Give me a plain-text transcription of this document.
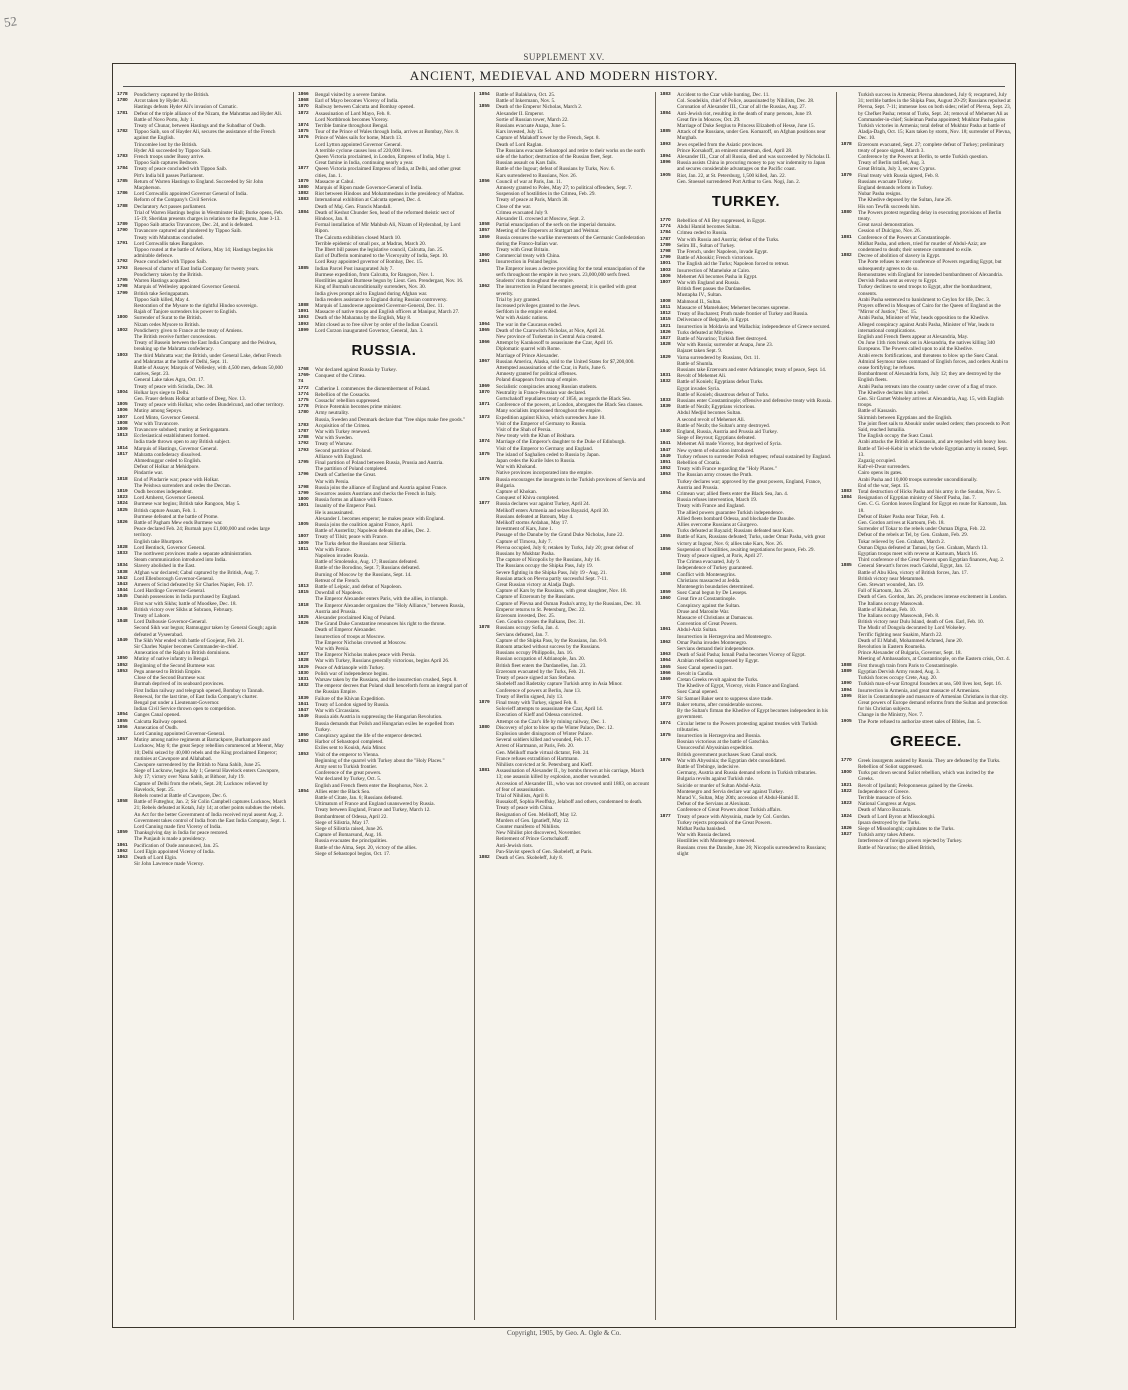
52
SUPPLEMENT XV.
ANCIENT, MEDIEVAL AND MODERN HISTORY.
1778	Pondicherry captured by the British.
1780	Arcot taken by Hyder Ali.
Hastings defeats Hyder Ali's invasion of Carnatic.
1781	Defeat of the triple alliance of the Nizam, the Mahrattas and Hyder Ali.
Battle of Novo Porto, July 1.
Treaty of Chunar, between Hastings and the Subadhar of Oudh.
1782	Tippoo Saib, son of Hayder Ali, secures the assistance of the French against the English.
Trincomlee lost by the British.
Hyder Ali succeeded by Tippoo Saib.
1783	French troops under Bussy arrive.
Tippoo Saib captures Bednore.
1784	Treaty of peace concluded with Tippoo Saib.
Pitt's India bill passes Parliament.
1785	Return of Warren Hastings to England. Succeeded by Sir John Macpherson.
1786	Lord Cornwallis appointed Governor General of India.
Reform of the Company's Civil Service.
1788	Declaratory Act passes parliament.
Trial of Warren Hastings begins in Westminster Hall; Burke opens, Feb. 15-19; Sheridan presents charges in relation to the Begums, June 3-13.
1789	Tippoo Saib attacks Travancore, Dec. 24, and is defeated.
1790	Travancore captured and plundered by Tippoo Saib.
Treaty with Mahrattas concluded.
1791	Lord Cornwallis takes Bangalore.
Tippoo routed at the battle of Arikera, May 14; Hastings begins his admirable defence.
1792	Peace concluded with Tippoo Saib.
1793	Renewal of charter of East India Company for twenty years.
Pondicherry taken by the British.
1795	Warren Hastings acquitted.
1798	Marquis of Wellesley appointed Governor General.
1799	British take Seringapatam.
Tippoo Saib killed, May 4.
Restoration of the Mysore to the rightful Hindoo sovereign.
Rajah of Tanjore surrenders his power to English.
1800	Surrender of Surat to the British.
Nizam cedes Mysore to British.
1802	Pondicherry given to France at the treaty of Amiens.
The British receive further concessions.
Treaty of Bassein between the East India Company and the Peishwa, breaking up the Mahratta confederacy.
1803	The third Mahratta war; the British, under General Lake, defeat French and Mahrattas at the battle of Delhi, Sept. 11.
Battle of Assaye; Marquis of Wellesley, with 4,500 men, defeats 50,000 natives, Sept. 23.
General Lake takes Agra, Oct. 17.
Treaty of peace with Scindia, Dec. 30.
1804	Holkar lays siege to Delhi.
Gen. Fraser defeats Holkar at battle of Deeg, Nov. 13.
1805	Treaty of peace with Holkar, who cedes Bundelcund, and other territory.
1806	Mutiny among Sepoys.
1807	Lord Minto, Governor General.
1808	War with Travancore.
1809	Travancore subdued; mutiny at Seringapatam.
1813	Ecclesiastical establishment formed.
India trade thrown open to any British subject.
1814	Marquis of Hastings, Governor General.
1817	Mahratta confederacy dissolved.
Ahmednuggur ceded to English.
Defeat of Holkar at Mehidpore.
Pindarrie war.
1818	End of Pindarrie war; peace with Holkar.
The Peishwa surrenders and cedes the Deccan.
1819	Oudh becomes independent.
1823	Lord Amherst, Governor General.
1824	Burmese war begins; British take Rangoon, May 5.
1825	British capture Assam, Feb. 1.
Burmese defeated at the battle of Prome.
1826	Battle of Pagham Mew ends Burmese war.
Peace declared Feb. 24; Burmah pays £1,000,000 and cedes large territory.
English take Bhurtpore.
1828	Lord Bentinck, Governor General.
1833	The northwest provinces made a separate administration.
Steam communication introduced into India.
1834	Slavery abolished in the East.
1838	Afghan war declared; Cabul captured by the British, Aug. 7.
1842	Lord Ellenborough Governor-General.
1843	Ameers of Scind defeated by Sir Charles Napier, Feb. 17.
1844	Lord Hardinge Governor-General.
1845	Danish possessions in India purchased by England.
First war with Sikhs; battle of Moodkee, Dec. 18.
1846	British victory over Sikhs at Sobraon, February.
Treaty of Lahore.
1848	Lord Dalhousie Governor-General.
Second Sikh war begun; Ramnuggur taken by General Gough; again defeated at Vyseerabad.
1849	The Sikh War ended with battle of Goojerat, Feb. 21.
Sir Charles Napier becomes Commander-in-chief.
Annexation of the Rajah to British dominions.
1850	Mutiny of native infantry in Bengal.
1852	Beginning of the Second Burmese war.
1853	Pegu annexed to British Empire.
Close of the Second Burmese war.
Burmah deprived of its seaboard provinces.
First Indian railway and telegraph opened, Bombay to Tannah.
Renewal, for the last time, of East India Company's charter.
Bengal put under a Lieutenant-Governor.
Indian Civil Service thrown open to competition.
1854	Ganges Canal opened.
1855	Calcutta Railway opened.
1856	Annexation of Oudh.
Lord Canning appointed Governor-General.
1857	Mutiny among native regiments at Barrackpore, Burhampore and Lucknow, May 6; the great Sepoy rebellion commenced at Meerut, May 10; Delhi seized by 40,000 rebels and the King proclaimed Emperor; mutinies at Cawnpore and Allahabad.
Cawnpore surrendered by the British to Nana Sahib, June 25.
Siege of Lucknow, begins July 1; General Havelock enters Cawnpore, July 17; victory over Nana Sahib, at Bithoor, July 19.
Capture of Delhi from the rebels, Sept. 20; Lucknow relieved by Havelock, Sept. 25.
Rebels routed at Battle of Cawnpore, Dec. 6.
1858	Battle of Futteghur, Jan. 2; Sir Colin Campbell captures Lucknow, March 21; Rebels defeated at Kotah, July 14; at other points subdues the rebels.
An Act for the better Government of India received royal assent Aug. 2.
Government takes control of India from the East India Company, Sept. 1.
Lord Canning made first Viceroy of India.
1859	Thanksgiving day in India for peace restored.
The Punjaub is made a presidency.
1861	Pacification of Oude announced, Jan. 25.
1862	Lord Elgin appointed Viceroy of India.
1863	Death of Lord Elgin.
Sir John Lawrence made Viceroy.
1866	Bengal visited by a severe famine.
1868	Earl of Mayo becomes Viceroy of India.
1870	Railway between Calcutta and Bombay opened.
1872	Assassination of Lord Mayo, Feb. 8.
Lord Northbrook becomes Viceroy.
1874	Terrible famine throughout Bengal.
1875	Tour of the Prince of Wales through India, arrives at Bombay, Nov. 8.
1876	Prince of Wales sails for home, March 13.
Lord Lytton appointed Governor General.
A terrible cyclone causes loss of 220,000 lives.
Queen Victoria proclaimed, in London, Empress of India, May 1.
Great famine in India, continuing nearly a year.
1877	Queen Victoria proclaimed Empress of India, at Delhi, and other great cities, Jan. 1.
1879	Massacre at Cabul.
1880	Marquis of Ripon made Governor-General of India.
1882	Riot between Hindoos and Mohammedans in the presidency of Madras.
1883	International exhibition at Calcutta opened, Dec. 4.
Death of Maj. Gen. Francis Mandall.
1884	Death of Keshut Chunder Sen, head of the reformed theistic sect of Hindoos, Jan. 8.
Formal installation of Mir Mahbub Ali, Nizam of Hyderabad, by Lord Ripon.
The Calcutta exhibition closed March 10.
Terrible epidemic of small pox, at Madras, March 20.
The Ilbert bill passes the legislative council, Calcutta, Jan. 25.
Earl of Dufferin nominated to the Viceroyalty of India, Sept. 10.
Lord Reay appointed governor of Bombay, Dec. 15.
1885	Indian Parcel Post inaugurated July 7.
Burmese expedition, from Calcutta, for Rangoon, Nov. 1.
Hostilities against Burmese begun by Lieut. Gen. Prendergast, Nov. 16.
King of Burmah unconditionally surrenders, Nov. 30.
India gives prompt aid to England during Afghan war.
India renders assistance to England during Russian controversy.
1888	Marquis of Lansdowne appointed Governor-General, Dec. 11.
1891	Massacre of native troops and English officers at Manipur, March 27.
1893	Death of the Maharana by the English, May 8.
1893	Mint closed as to free silver by order of the Indian Council.
1899	Lord Curzon inaugurated Governor, General, Jan. 3.
RUSSIA.
1768	War declared against Russia by Turkey.
1769-74
Conquest of the Crimea.
1772	Catherine I. commences the dismemberment of Poland.
1774	Rebellion of the Cossacks.
1775	Cossacks' rebellion suppressed.
1778	Prince Potemkin becomes prime minister.
1780	Army neutrality.
Russia, Sweden and Denmark declare that "free ships make free goods."
1783	Acquisition of the Crimea.
1787	War with Turkey renewed.
1788	War with Sweden.
1792	Treaty of Warsaw.
1793	Second partition of Poland.
Alliance with England.
1795	Final partition of Poland between Russia, Prussia and Austria.
The partition of Poland completed.
1796	Death of Catherine the Great.
War with Persia.
1798	Russia joins the alliance of England and Austria against France.
1799	Suwarrow assists Austrians and checks the French in Italy.
1800	Russia forms an alliance with France.
1801	Insanity of the Emperor Paul.
He is assassinated.
Alexander I. becomes emperor; he makes peace with England.
1805	Russia joins the coalition against France, April.
Battle of Austerlitz; Napoleon defeats the allies, Dec. 2.
1807	Treaty of Tilsit; peace with France.
1809	The Turks defeat the Russians near Silistria.
1811	War with France.
Napoleon invades Russia.
Battle of Smolensko, Aug. 17; Russians defeated.
Battle of the Borodino, Sept. 7; Russians defeated.
Burning of Moscow by the Russians, Sept. 14.
Retreat of the French.
1813	Battle of Leipsic, and defeat of Napoleon.
1815	Downfall of Napoleon.
The Emperor Alexander enters Paris, with the allies, in triumph.
1818	The Emperor Alexander organizes the "Holy Alliance," between Russia, Austria and Prussia.
1825	Alexander proclaimed King of Poland.
1826	The Grand Duke Constantine renounces his right to the throne.
Death of Emperor Alexander.
Insurrection of troops at Moscow.
The Emperor Nicholas crowned at Moscow.
War with Persia.
1827	The Emperor Nicholas makes peace with Persia.
1828	War with Turkey, Russians generally victorious, begins April 26.
1829	Peace of Adrianople with Turkey.
1830	Polish war of independence begins.
1831	Warsaw taken by the Russians, and the insurrection crushed, Sept. 8.
1832	The emperor decrees that Poland shall henceforth form an integral part of the Russian Empire.
1839	Failure of the Khivan Expedition.
1841	Treaty of London signed by Russia.
1847	War with Circassians.
1849	Russia aids Austria in suppressing the Hungarian Revolution.
Russia demands that Polish and Hungarian exiles be expelled from Turkey.
1850	Conspiracy against the life of the emperor detected.
1852	Harbor of Sebastopol completed.
Exiles sent to Kouish, Asia Minor.
1853	Visit of the emperor to Vienna.
Beginning of the quarrel with Turkey about the "Holy Places."
Army sent to Turkish frontier.
Conference of the great powers.
War declared by Turkey, Oct. 5.
English and French fleets enter the Bosphorus, Nov. 2.
1854	Allies enter the Black Sea.
Battle of Citate, Jan. 6; Russians defeated.
Ultimatum of France and England unanswered by Russia.
Treaty between England, France and Turkey, March 12.
Bombardment of Odessa, April 22.
Siege of Silistria, May 17.
Siege of Silistria raised, June 26.
Capture of Bomarsund, Aug. 16.
Russia evacuates the principalities.
Battle of the Alma, Sept. 20, victory of the allies.
Siege of Sebastopol begins, Oct. 17.
1854	Battle of Balaklava, Oct. 25.
Battle of Inkermann, Nov. 5.
1855	Death of the Emperor Nicholas, March 2.
Alexander II. Emperor.
Sortie of Russian tower, March 22.
Russians evacuate Anapa, June 5.
Kars invested, July 15.
Capture of Malakoff tower by the French, Sept. 8.
Death of Lord Raglan.
The Russians evacuate Sebastopol and retire to their works on the north side of the harbor; destruction of the Russian fleet, Sept.
Russian assault on Kars fails.
Battle of the Ingour; defeat of Russians by Turks, Nov. 6.
Kars surrendered to Russians, Nov. 26.
1856	Council of war at Paris, Jan. 11.
Amnesty granted to Poles, May 27; to political offenders, Sept. 7.
Suspension of hostilities in the Crimea, Feb. 29.
Treaty of peace at Paris, March 30.
Close of the war.
Crimea evacuated July 9.
Alexander II. crowned at Moscow, Sept. 2.
1858	Partial emancipation of the serfs on the imperial domains.
1857	Meeting of the Emperors at Stuttgart and Weimar.
1859	Russia censures the warlike movements of the Germanic Confederation during the Franco-Italian war.
Treaty with Great Britain.
1860	Commercial treaty with China.
1861	Insurrection in Poland begins.
The Emperor issues a decree providing for the total emancipation of the serfs throughout the empire in two years. 23,000,000 serfs freed.
Students' riots throughout the empire.
1862	The insurrection in Poland becomes general; it is quelled with great severity.
Trial by jury granted.
Increased privileges granted to the Jews.
Serfdom in the empire ended.
War with Asiatic nations.
1864	The war in the Caucasus ended.
1865	Death of the Czarowitch Nicholas, at Nice, April 24.
New province of Turkestan in Central Asia created.
1866	Attempt by Karakosoff to assassinate the Czar, April 16.
Diplomatic quarrel with Rome.
Marriage of Prince Alexander.
1867	Russian America, Alaska, sold to the United States for $7,200,000.
Attempted assassination of the Czar, in Paris, June 6.
Amnesty granted for political offenses.
Poland disappears from map of empire.
1869	Socialistic conspiracies among Russian students.
1870	Neutrality in France-Prussian war declared.
Gortschakoff repudiates treaty of 1856, as regards the Black Sea.
1871	Conference of the powers, at London, abrogates the Black Sea clauses.
Many socialists imprisoned throughout the empire.
1873	Expedition against Khiva, which surrenders June 10.
Visit of the Emperor of Germany to Russia.
Visit of the Shah of Persia.
New treaty with the Khan of Bokhara.
1874	Marriage of the Emperor's daughter to the Duke of Edinburgh.
Visit of the Emperor to Germany and England.
1875	The island of Saghalien ceded to Russia by Japan.
Japan cedes the Kurile Isles to Russia.
War with Khokand.
Native provinces incorporated into the empire.
1876	Russia encourages the insurgents in the Turkish provinces of Servia and Bulgaria.
Capture of Khokan.
Conquest of Khiva completed.
1877	Russia declares war against Turkey, April 24.
Melikoff enters Armenia and seizes Bayazid, April 30.
Russians defeated at Batoum, May 4.
Melikoff storms Ardahan, May 17.
Investment of Kars, June 1.
Passage of the Danube by the Grand Duke Nicholas, June 22.
Capture of Tirnova, July 7.
Plevna occupied, July 6; retaken by Turks, July 20; great defeat of Russians by Mukhtar Pasha.
The capture of Nicopolis by the Russians, July 16.
The Russians occupy the Shipka Pass, July 19.
Severe fighting in the Shipka Pass, July 19 - Aug. 21.
Russian attack on Plevna partly successful Sept. 7-11.
Great Russian victory at Aladja Dagh.
Capture of Kars by the Russians, with great slaughter, Nov. 18.
Capture of Erzeroum by the Russians.
Capture of Plevna and Osman Pasha's army, by the Russians, Dec. 10.
Emperor returns to St. Petersburg, Dec. 22.
Erzeroum invested, Dec. 25.
Gen. Gourko crosses the Balkans, Dec. 31.
1878	Russians occupy Sofia, Jan. 4.
Servians defeated, Jan. 7.
Capture of the Shipka Pass, by the Russians, Jan. 8-9.
Batoum attacked without success by the Russians.
Russians occupy Philippolis, Jan. 16.
Russian occupation of Adrianople, Jan. 20.
British fleet enters the Dardanelles, Jan. 23.
Erzeroum evacuated by the Turks, Feb. 21.
Treaty of peace signed at San Stefano.
Skobeleff and Radetzky capture Turkish army in Asia Minor.
Conference of powers at Berlin, June 13.
Treaty of Berlin signed, July 13.
1879	Final treaty with Turkey, signed Feb. 8.
Solovieff attempts to assassinate the Czar, April 14.
Execution of Kieff and Odessa convicted.
Attempt on the Czar's life by mining railway, Dec. 1.
1880	Discovery of plot to blow up the Winter Palace, Dec. 12.
Explosion under diningroom of Winter Palace.
Several soldiers killed and wounded, Feb. 17.
Arrest of Hartmann, at Paris, Feb. 20.
Gen. Melikoff made virtual dictator, Feb. 24.
France refuses extradition of Hartmann.
Nihilists convicted at St. Petersburg and Kieff.
1881	Assassination of Alexander II., by bombs thrown at his carriage, March 13; one assassin killed by explosion, another wounded.
Accession of Alexander III., who was not crowned until 1883, on account of fear of assassination.
Trial of Nihilists, April 8.
Russakoff, Sophia Pieoffsky, Jelaboff and others, condemned to death.
Treaty of peace with China.
Resignation of Gen. Melikoff, May 12.
Murders of Gen. Ignatieff, May 12.
Counter manifesto of Nihilists.
New Nihilist plot discovered, November.
Retirement of Prince Gortschakoff.
Anti-Jewish riots.
Pan-Slavist speech of Gen. Skobeleff, at Paris.
1882	Death of Gen. Skobeleff, July 8.
1883	Accident to the Czar while hunting, Dec. 11.
Col. Soudeikin, chief of Police, assassinated by Nihilists, Dec. 28.
Coronation of Alexander III., Czar of all the Russias, Aug. 27.
1884	Anti-Jewish riot, resulting in the death of many persons, June 19.
Great fire in Moscow, Oct. 29.
Marriage of Duke Sergius to Princess Elizabeth of Hesse, June 15.
1885	Attack of the Russians, under Gen. Komaroff, on Afghan positions near Murghab.
1893	Jews expelled from the Asiatic provinces.
Prince Korsakoff, an eminent statesman, died, April 28.
1894	Alexander III., Czar of all Russia, died and was succeeded by Nicholas II.
1896	Russia assists China in procuring money to pay war indemnity to Japan and secures considerable advantages on the Pacific coast.
1905	Riot, Jan. 22, at St. Petersburg, 1,500 killed, Jan. 22.
Gen. Stoessel surrendered Port Arthur to Gen. Nogi, Jan. 2.
TURKEY.
1770	Rebellion of Ali Bey suppressed, in Egypt.
1774	Abdul Hamid becomes Sultan.
1784	Crimea ceded to Russia.
1787	War with Russia and Austria; defeat of the Turks.
1789	Selim III., Sultan of Turkey.
1798	The French, under Napoleon, invade Egypt.
1799	Battle of Aboukir; French victorious.
1801	The English aid the Turks; Napoleon forced to retreat.
1803	Insurrection of Mameluke at Cairo.
1806	Mehemet Ali becomes Pasha in Egypt.
1807	War with England and Russia.
British fleet passes the Dardanelles.
Mustapha IV., Sultan.
1808	Mahmoud II., Sultan.
1811	Massacre of Mamelukes; Mehemet becomes supreme.
1812	Treaty of Bucharest; Pruth made frontier of Turkey and Russia.
1815	Deliverance of Belgrade, in Egypt.
1821	Insurrection in Moldavia and Wallachia; independence of Greece secured.
1826	Turks defeated at Mitylene.
1827	Battle of Navarino; Turkish fleet destroyed.
1828	War with Russia; surrender at Anapa, June 23.
Bajazet taken Sept. 9.
1829	Varna surrendered by Russians, Oct. 11.
Battle of Shumla.
Russians take Erzeroum and enter Adrianople; treaty of peace, Sept. 14.
1831	Revolt of Mehemet Ali.
1832	Battle of Konieh; Egyptians defeat Turks.
Egypt invades Syria.
Battle of Konieh; disastrous defeat of Turks.
1833	Russians enter Constantinople; offensive and defensive treaty with Russia.
1839	Battle of Nezib; Egyptians victorious.
Abdul Medjid becomes Sultan.
A second revolt of Mehemet Ali.
Battle of Nezib; the Sultan's army destroyed.
1840	England, Russia, Austria and Prussia aid Turkey.
Siege of Beyrout; Egyptians defeated.
1841	Mehemet Ali made Viceroy, but deprived of Syria.
1847	New system of education introduced.
1849	Turkey refuses to surrender Polish refugees; refusal sustained by England.
1851	Rebellion of Croatia.
1852	Treaty with France regarding the "Holy Places."
1853	The Russian army crosses the Pruth.
Turkey declares war; approved by the great powers, England, France, Austria and Prussia.
1854	Crimean war; allied fleets enter the Black Sea, Jan. 4.
Russia refuses intervention, March 19.
Treaty with France and England.
The allied powers guarantee Turkish independence.
Allied fleets bombard Odessa, and blockade the Danube.
Allies overcome Russians at Giurgevo.
Turks defeated at Bayazid; Russians defeated near Kars.
1855	Battle of Kars, Russians defeated; Turks, under Omar Pasha, with great victory at Ingour, Nov. 6; allies take Kars, Nov. 26.
1856	Suspension of hostilities, awaiting negotiations for peace, Feb. 29.
Treaty of peace signed, at Paris, April 27.
The Crimea evacuated, July 9.
Independence of Turkey guaranteed.
1858	Conflict with Montenegrins.
Christians massacred at Jedda.
Montenegrin boundaries determined.
1859	Suez Canal begun by De Lesseps.
1860	Great fire at Constantinople.
Conspiracy against the Sultan.
Druse and Maronite War.
Massacre of Christians at Damascus.
Convention of Great Powers.
1861	Abdul-Aziz Sultan.
Insurrection in Herzegovina and Montenegro.
1862	Omar Pasha invades Montenegro.
Servians demand their independence.
1863	Death of Said Pasha; Ismail Pasha becomes Viceroy of Egypt.
1864	Arabian rebellion suppressed by Egypt.
1865	Suez Canal opened in part.
1866	Revolt in Candia.
1869	Cretan Greeks revolt against the Turks.
The Khedive of Egypt, Viceroy, visits France and England.
Suez Canal opened.
1870	Sir Samuel Baker sent to suppress slave trade.
1873	Baker returns, after considerable success.
By the Sultan's firman the Khedive of Egypt becomes independent in his government.
1874	Circular letter to the Powers protesting against treaties with Turkish tributaries.
1875	Insurrection in Herzegovina and Bosnia.
Bosnian victorious at the battle of Gatschko.
Unsuccessful Abyssinian expedition.
British government purchases Suez Canal stock.
1876	War with Abyssinia; the Egyptian debt consolidated.
Battle of Trebinge, indecisive.
Germany, Austria and Russia demand reform in Turkish tributaries.
Bulgaria revolts against Turkish rule.
Suicide or murder of Sultan Abdul-Aziz.
Montenegro and Servia declare war against Turkey.
Murad V., Sultan, May 20th; accession of Abdul-Hamid II.
Defeat of the Servians at Alexinatz.
Conference of Great Powers about Turkish affairs.
1877	Treaty of peace with Abyssinia, made by Col. Gordon.
Turkey rejects proposals of the Great Powers.
Midhat Pasha banished.
War with Russia declared.
Hostilities with Montenegro renewed.
Russians cross the Danube, June 26; Nicopolis surrendered to Russians; slight
Turkish success in Armenia; Plevna abandoned, July 6; recaptured, July 31; terrible battles in the Shipka Pass, August 20-29; Russians repulsed at Plevna, Sept. 7-11; immense loss on both sides; relief of Plevna, Sept. 23, by Chefket Pasha; retreat of Turks, Sept. 24; removal of Mehemet Ali as Commander-in-chief; Suleiman Pasha appointed; Mukhtar Pasha gains Turkish victories in Armenia; total defeat of Mukhtar Pasha at battle of Aladja-Dagh, Oct. 15; Kars taken by storm, Nov. 18; surrender of Plevna, Dec. 10.
1878	Erzeroum evacuated, Sept. 27; complete defeat of Turkey; preliminary treaty of peace signed, March 3.
Conference by the Powers at Berlin, to settle Turkish question.
Treaty of Berlin ratified, Aug. 3.
Great Britain, July 3, secures Cyprus.
1879	Final treaty with Russia signed, Feb. 8.
Russians evacuate Turkey.
England demands reform in Turkey.
Nubar Pasha resigns.
The Khedive deposed by the Sultan, June 26.
His son Tewfik succeeds him.
1880	The Powers protest regarding delay in executing provisions of Berlin treaty.
Great naval demonstration.
Cession of Dulcigno, Nov. 26.
1881	Conference of the Powers at Constantinople.
Midhat Pasha, and others, tried for murder of Abdul-Aziz; are condemned to death; their sentence commuted to exile.
1882	Decree of abolition of slavery in Egypt.
The Porte refuses to enter conference of Powers regarding Egypt, but subsequently agrees to do so.
Remonstrates with England for intended bombardment of Alexandria.
Dervish Pasha sent as envoy to Egypt.
Turkey declines to send troops to Egypt, after the bombardment, consents.
Arabi Pasha sentenced to banishment to Ceylon for life, Dec. 3.
Prayers offered in Mosques of Cairo for the Queen of England as the "Mirror of Justice," Dec. 15.
Arabi Pasha, Minister of War, heads opposition to the Khedive.
Alleged conspiracy against Arabi Pasha, Minister of War, leads to international complications.
English and French fleets appear at Alexandria, May.
On June 11th riots break out in Alexandria, the natives killing 340 Europeans. The Powers called upon to aid the Khedive.
Arabi erects fortifications, and threatens to blow up the Suez Canal.
Admiral Seymour takes command of English forces, and orders Arabi to cease fortifying; he refuses.
Bombardment of Alexandria forts, July 12; they are destroyed by the English fleets.
Arabi Pasha retreats into the country under cover of a flag of truce.
The Khedive declares him a rebel.
Gen. Sir Garnet Wolseley arrives at Alexandria, Aug. 15, with English troops.
Battle of Kassasin.
Skirmish between Egyptians and the English.
The joint fleet sails to Aboukir under sealed orders; then proceeds to Port Said, reached Ismailia.
The English occupy the Suez Canal.
Arabi attacks the British at Kassassin, and are repulsed with heavy loss.
Battle of Tel-el-Kebir in which the whole Egyptian army is routed, Sept. 13.
Zagazig occupied.
Kafr-el-Dwar surrenders.
Cairo opens its gates.
Arabi Pasha and 10,000 troops surrender unconditionally.
End of the war, Sept. 15.
1883	Total destruction of Hicks Pasha and his army in the Soudan, Nov. 5.
1884	Resignation of Egyptian ministry of Sherif Pasha, Jan. 7.
Gen. C. G. Gordon leaves England for Egypt en route for Kartoum, Jan. 18.
Defeat of Baker Pasha near Tokar, Feb. 4.
Gen. Gordon arrives at Kartoum, Feb. 18.
Surrender of Tokar to the rebels under Osman Digna, Feb. 22.
Defeat of the rebels at Tel, by Gen. Graham, Feb. 29.
Tokar relieved by Gen. Graham, March 2.
Osman Digna defeated at Tamasi, by Gen. Graham, March 13.
Egyptian troops meet with reverse at Kartoum, March 16.
Third conference of the Great Powers upon Egyptian finances, Aug. 2.
1885	General Stewart's forces reach Gakdul, Egypt, Jan. 12.
Battle of Abu Klea, victory of British forces, Jan. 17.
British victory near Metammeh.
Gen. Stewart wounded, Jan. 19.
Fall of Kartoum, Jan. 26.
Death of Gen. Gordon, Jan. 26, produces intense excitement in London.
The Italians occupy Massowah.
Battle of Kirbekan, Feb. 10.
The Italians occupy Massowah, Feb. 8.
British victory near Dulu Island, death of Gen. Earl, Feb. 10.
The Mudir of Dongola decorated by Lord Wolseley.
Terrific fighting near Suakim, March 22.
Death of El Mahdi, Mohammed Achmed, June 20.
Revolution in Eastern Roumelia.
Prince Alexander of Bulgaria, Governor, Sept. 18.
Meeting of Ambassadors, at Constantinople, on the Eastern crisis, Oct. 4.
1888	First through train from Paris to Constantinople.
1889	Egyptian Dervish Army routed, Aug. 3.
Turkish forces occupy Crete, Aug. 20.
1890	Turkish man-of-war Ertogrul founders at sea, 500 lives lost, Sept. 16.
1894	Insurrection in Armenia, and great massacre of Armenians.
1895	Riot in Constantinople and massacre of Armenian Christians in that city. Great powers of Europe demand reforms from the Sultan and protection for his Christian subjects.
Change in the Ministry, Nov. 7.
1905	The Porte refused to authorize street sales of Bibles, Jan. 5.
GREECE.
1770	Greek insurgents assisted by Russia. They are defeated by the Turks.
Rebellion of Soliot suppressed.
1800	Turks put down second Suliot rebellion, which was incited by the Greeks.
1821	Revolt of Ipsilanti; Peloponnesus gained by the Greeks.
1822	Independence of Greece.
Terrible massacre of Scio.
1823	National Congress at Argos.
Death of Marco Bozzaris.
1824	Death of Lord Byron at Missolonghi.
Ipsara destroyed by the Turks.
1826	Siege of Missolonghi; capitulates to the Turks.
1827	Turkish army takes Athens.
Interference of foreign powers rejected by Turkey.
Battle of Navarino; the allied British,
Copyright, 1905, by Geo. A. Ogle & Co.
